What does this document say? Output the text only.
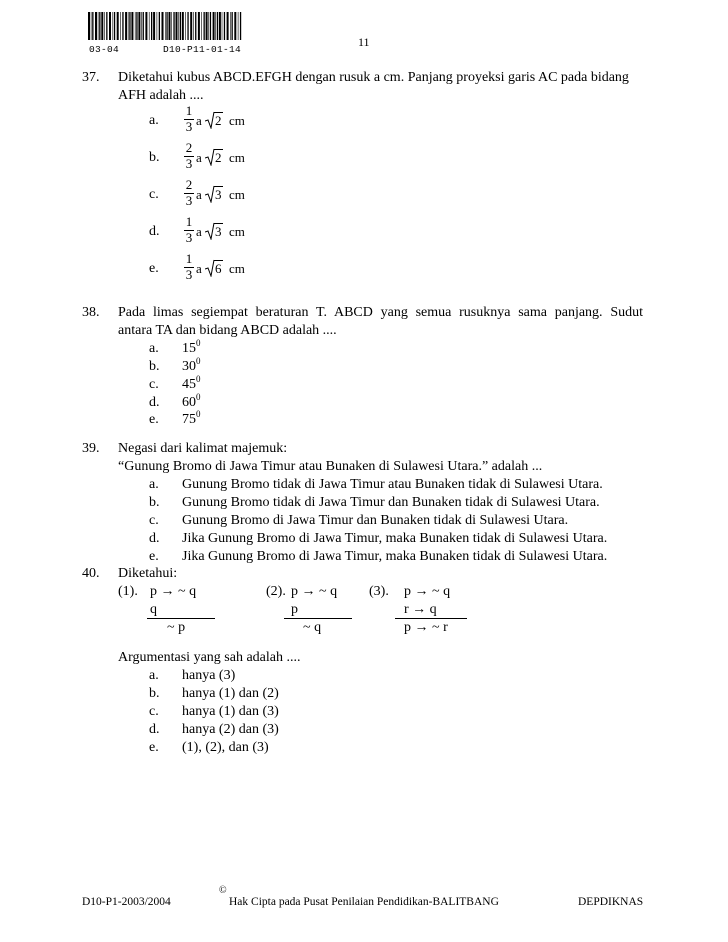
03-04	D10-P11-01-14
11
37. Diketahui kubus ABCD.EFGH dengan rusuk a cm. Panjang proyeksi garis AC pada bidang
AFH adalah ....
a.
1
3 a 2 cm
b.
2
3 a 2 cm
c.
2
3 a 3 cm
d.
1
3 a 3 cm
e.
1
3 a 6 cm
38. Pada limas segiempat beraturan T. ABCD yang semua rusuknya sama panjang. Sudut
antara TA dan bidang ABCD adalah ....
a. $15^0$
b. $30^0$
c. $45^0$
d. $60^0$
e. $75^0$
39. Negasi dari kalimat majemuk:
“Gunung Bromo di Jawa Timur atau Bunaken di Sulawesi Utara.” adalah ...
a. Gunung Bromo tidak di Jawa Timur atau Bunaken tidak di Sulawesi Utara.
b. Gunung Bromo tidak di Jawa Timur dan Bunaken tidak di Sulawesi Utara.
c. Gunung Bromo di Jawa Timur dan Bunaken tidak di Sulawesi Utara.
d. Jika Gunung Bromo di Jawa Timur, maka Bunaken tidak di Sulawesi Utara.
e. Jika Gunung Bromo di Jawa Timur, maka Bunaken tidak di Sulawesi Utara.
40. Diketahui:
(1). p → ~ q
q
~ p
(2). p → ~ q
p
~ q
(3). p → ~ q
r → q
p → ~ r
Argumentasi yang sah adalah ....
a. hanya (3)
b. hanya (1) dan (2)
c. hanya (1) dan (3)
d. hanya (2) dan (3)
e. (1), (2), dan (3)
D10-P1-2003/2004
©
Hak Cipta pada Pusat Penilaian Pendidikan-BALITBANG	DEPDIKNAS
